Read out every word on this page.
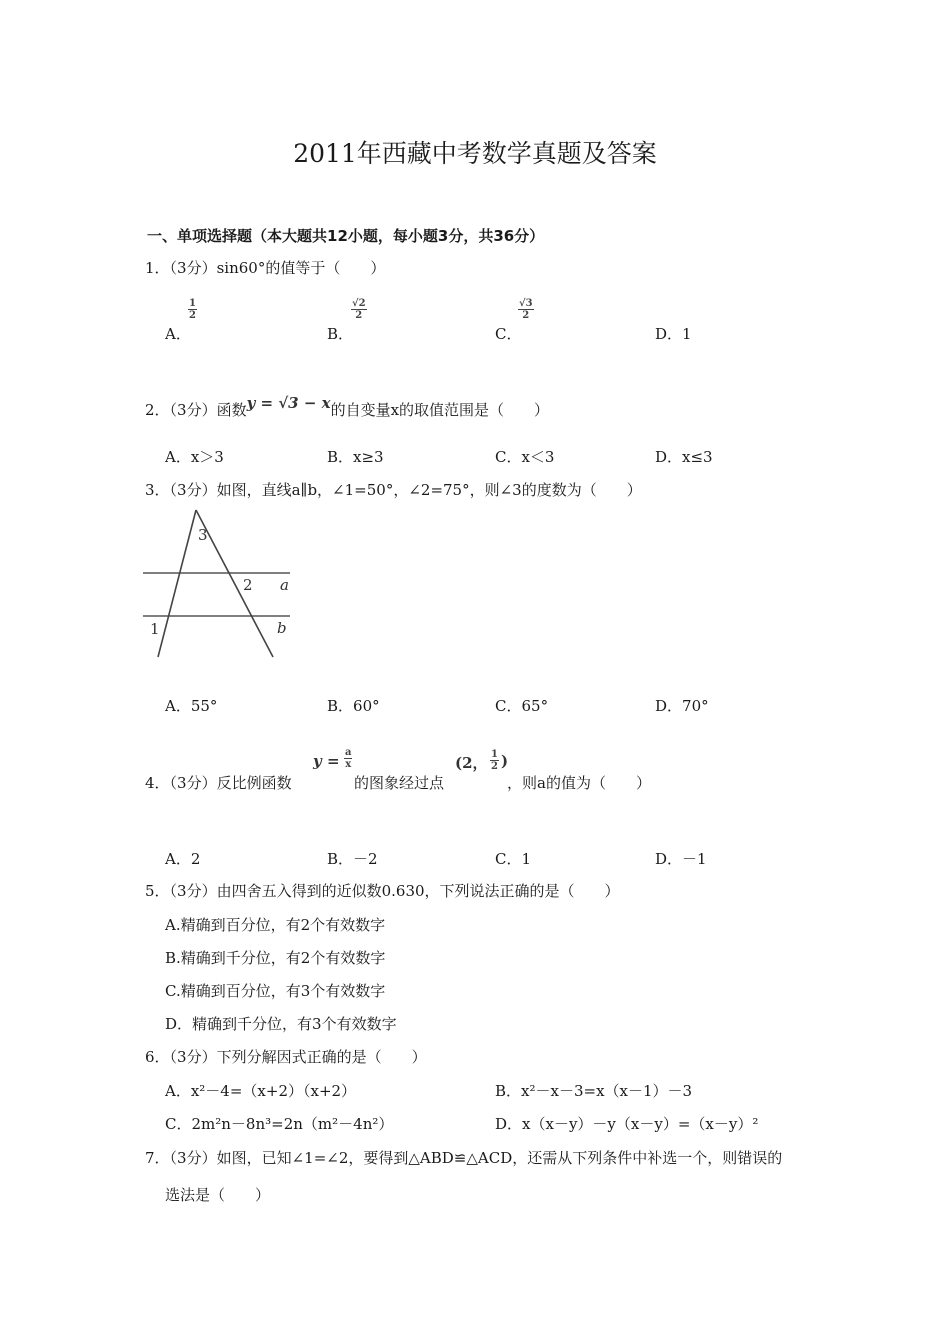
2011年西藏中考数学真题及答案
一、单项选择题（本大题共12小题，每小题3分，共36分）
1．（3分）sin60°的值等于（　　）
A．
$\frac{1}{2}$
B．
$\frac{√2}{2}$
C．
$\frac{√3}{2}$
D．1
2．（3分）函数y = √3 − x的自变量x的取值范围是（　　）
A．x＞3	B．x≥3	C．x＜3	D．x≤3
3．（3分）如图，直线a∥b，∠1=50°，∠2=75°，则∠3的度数为（　　）
3
2
1
a
b
A．55°	B．60°	C．65°	D．70°
4．（3分）反比例函数
$y = \frac{a}{x}$
的图象经过点
(2， $\frac{1}{2}$ )
，则a的值为（　　）
A．2	B．－2	C．1	D．－1
5．（3分）由四舍五入得到的近似数0.630，下列说法正确的是（　　）
A.精确到百分位，有2个有效数字
B.精确到千分位，有2个有效数字
C.精确到百分位，有3个有效数字
D．精确到千分位，有3个有效数字
6．（3分）下列分解因式正确的是（　　）
A．x²－4=（x+2）（x+2）	B．x²－x－3=x（x－1）－3
C．2m²n－8n³=2n（m²－4n²）	D．x（x－y）－y（x－y）=（x－y）²
7．（3分）如图，已知∠1=∠2，要得到△ABD≌△ACD，还需从下列条件中补选一个，则错误的
选法是（　　）
